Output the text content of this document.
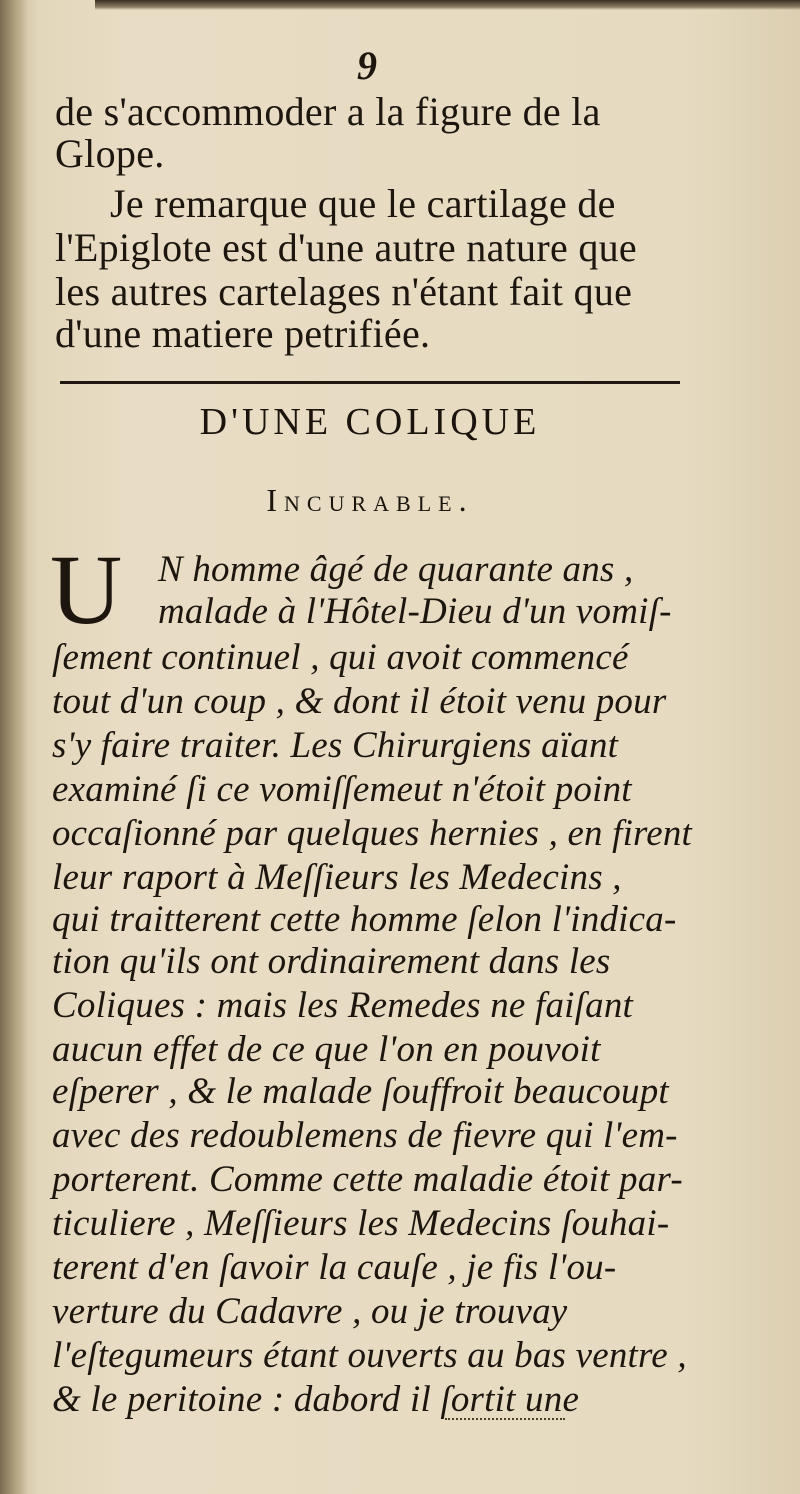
9
de s'accommoder a la figure de la
Glope.
Je remarque que le cartilage de
l'Epiglote est d'une autre nature que
les autres cartelages n'étant fait que
d'une matiere petrifiée.
D'UNE COLIQUE
Incurable.
U N homme âgé de quarante ans ,
malade à l'Hôtel-Dieu d'un vomiſ-
ſement continuel , qui avoit commencé
tout d'un coup , & dont il étoit venu pour
s'y faire traiter. Les Chirurgiens aïant
examiné ſi ce vomiſſemeut n'étoit point
occaſionné par quelques hernies , en firent
leur raport à Meſſieurs les Medecins ,
qui traitterent cette homme ſelon l'indica-
tion qu'ils ont ordinairement dans les
Coliques : mais les Remedes ne faiſant
aucun effet de ce que l'on en pouvoit
eſperer , & le malade ſouffroit beaucoupt
avec des redoublemens de fievre qui l'em-
porterent. Comme cette maladie étoit par-
ticuliere , Meſſieurs les Medecins ſouhai-
terent d'en ſavoir la cauſe , je fis l'ou-
verture du Cadavre , ou je trouvay
l'eſtegumeurs étant ouverts au bas ventre ,
& le peritoine : dabord il ſortit une
